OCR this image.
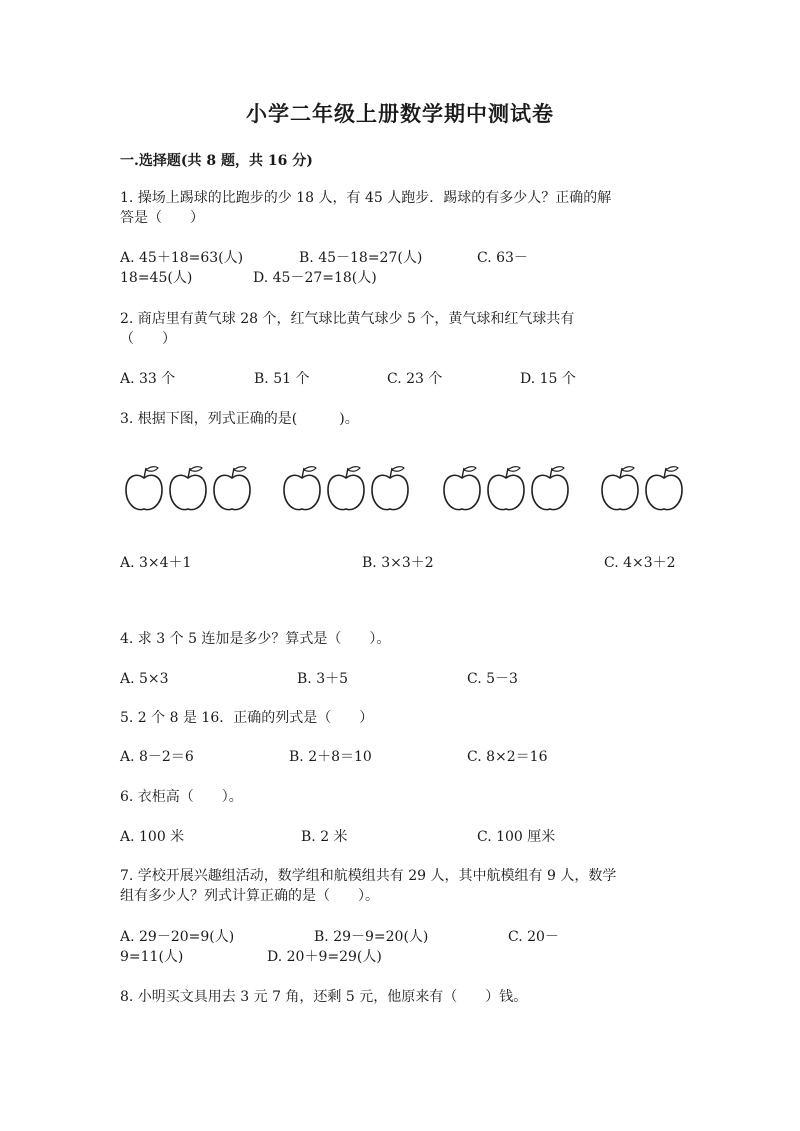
小学二年级上册数学期中测试卷
一.选择题(共 8 题，共 16 分)
1. 操场上踢球的比跑步的少 18 人，有 45 人跑步．踢球的有多少人？正确的解
答是（　　）
A. 45＋18=63(人)	B. 45－18=27(人)	C. 63－
18=45(人)	D. 45－27=18(人)
2. 商店里有黄气球 28 个，红气球比黄气球少 5 个，黄气球和红气球共有
（　　）
A. 33 个	B. 51 个	C. 23 个	D. 15 个
3. 根据下图，列式正确的是(　　　)。
A. 3×4＋1	B. 3×3＋2	C. 4×3＋2
4. 求 3 个 5 连加是多少？算式是（　　）。
A. 5×3	B. 3＋5	C. 5－3
5. 2 个 8 是 16．正确的列式是（　　）
A. 8－2＝6	B. 2＋8＝10	C. 8×2＝16
6. 衣柜高（　　）。
A. 100 米	B. 2 米	C. 100 厘米
7. 学校开展兴趣组活动，数学组和航模组共有 29 人，其中航模组有 9 人，数学
组有多少人？列式计算正确的是（　　）。
A. 29－20=9(人)	B. 29－9=20(人)	C. 20－
9=11(人)	D. 20＋9=29(人)
8. 小明买文具用去 3 元 7 角，还剩 5 元，他原来有（　　）钱。
